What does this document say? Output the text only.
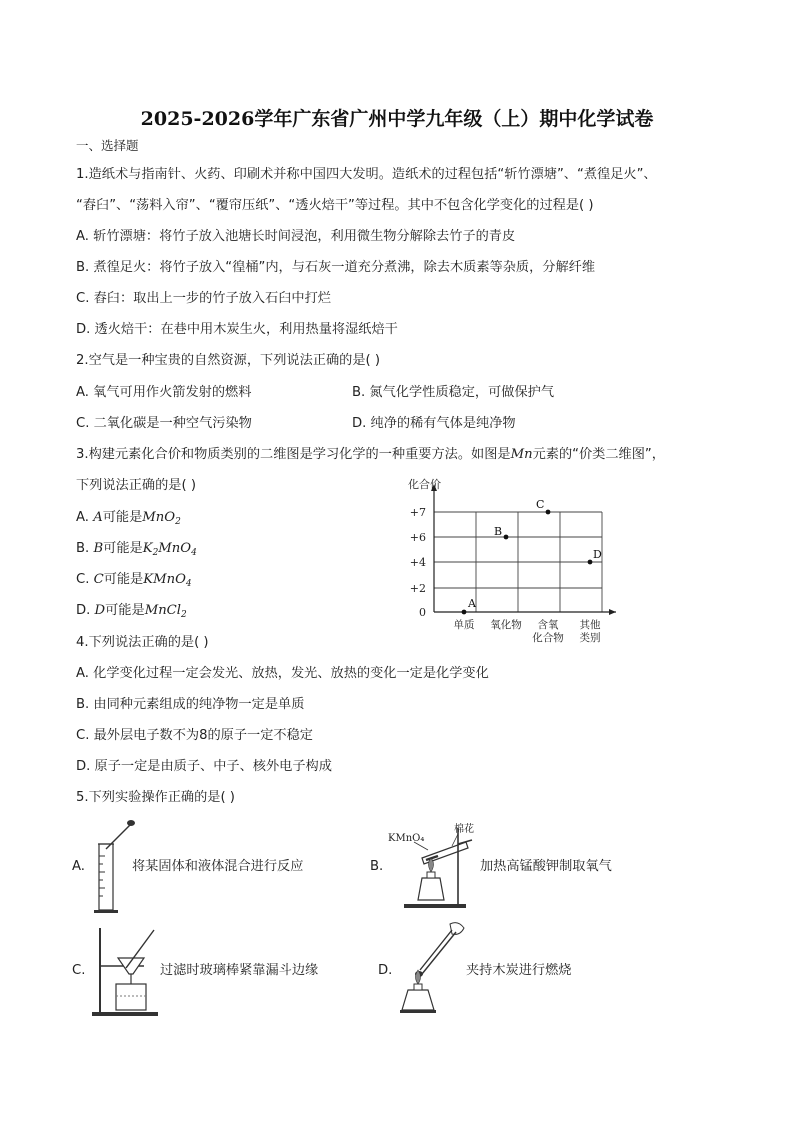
2025-2026学年广东省广州中学九年级（上）期中化学试卷
一、选择题
1.造纸术与指南针、火药、印刷术并称中国四大发明。造纸术的过程包括“斩竹漂塘”、“煮徨足火”、
“舂臼”、“荡料入帘”、“覆帘压纸”、“透火焙干”等过程。其中不包含化学变化的过程是( )
A. 斩竹漂塘：将竹子放入池塘长时间浸泡，利用微生物分解除去竹子的青皮
B. 煮徨足火：将竹子放入“徨桶”内，与石灰一道充分煮沸，除去木质素等杂质，分解纤维
C. 舂臼：取出上一步的竹子放入石臼中打烂
D. 透火焙干：在巷中用木炭生火，利用热量将湿纸焙干
2.空气是一种宝贵的自然资源，下列说法正确的是( )
A. 氧气可用作火箭发射的燃料	B. 氮气化学性质稳定，可做保护气
C. 二氧化碳是一种空气污染物	D. 纯净的稀有气体是纯净物
3.构建元素化合价和物质类别的二维图是学习化学的一种重要方法。如图是Mn元素的“价类二维图”，
下列说法正确的是( )
A. A可能是MnO$_2$
B. B可能是$K_2MnO_4$
C. C可能是KMnO$_4$
D. D可能是MnCl$_2$
化合价
0
+2
+4
+6
+7
单质 氧化物 含氧
化合物
其他
类别
A
B
C
D
4.下列说法正确的是( )
A. 化学变化过程一定会发光、放热，发光、放热的变化一定是化学变化
B. 由同种元素组成的纯净物一定是单质
C. 最外层电子数不为8的原子一定不稳定
D. 原子一定是由质子、中子、核外电子构成
5.下列实验操作正确的是( )
A.	将某固体和液体混合进行反应	B.
KMnO₄
棉花
加热高锰酸钾制取氧气
C.	过滤时玻璃棒紧靠漏斗边缘	D.	夹持木炭进行燃烧
